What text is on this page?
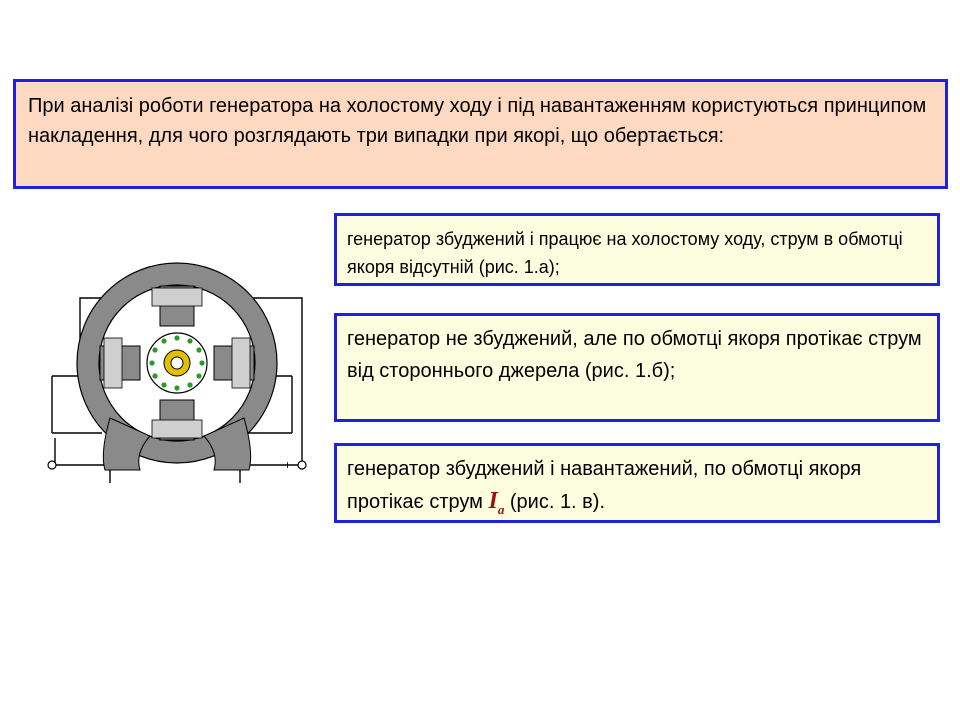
При аналізі роботи генератора на холостому ходу і під навантаженням користуються принципом накладення, для чого розглядають три випадки при якорі, що обертається:
генератор збуджений і працює на холостому ходу, струм в обмотці якоря відсутній (рис. 1.а);
генератор не збуджений, але по обмотці якоря протікає струм від стороннього джерела (рис. 1.б);
генератор збуджений і навантажений, по обмотці якоря протікає струм $I_a$ (рис. 1. в).
−	+
